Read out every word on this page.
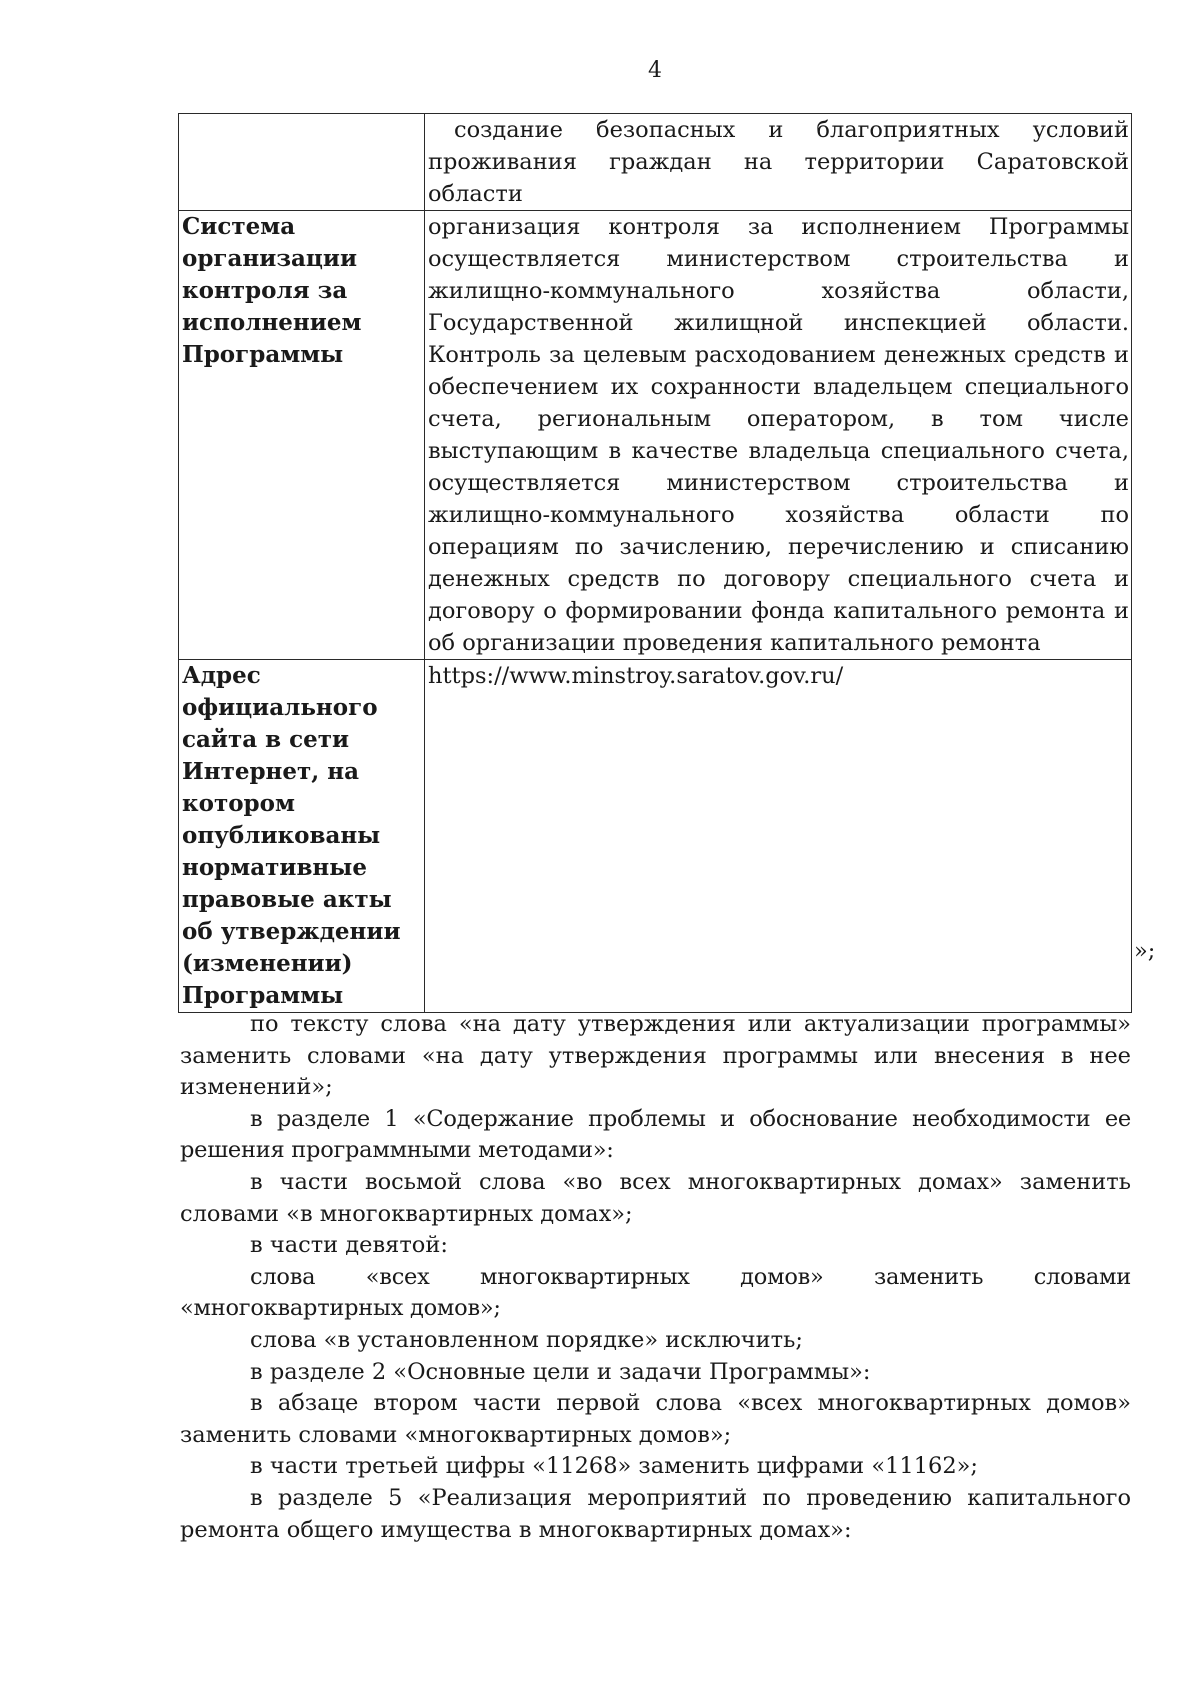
4
	создание безопасных и благоприятных условий проживания граждан на территории Саратовской области
Система организации контроля за исполнением Программы	организация контроля за исполнением Программы осуществляется министерством строительства и жилищно-коммунального хозяйства области, Государственной жилищной инспекцией области. Контроль за целевым расходованием денежных средств и обеспечением их сохранности владельцем специального счета, региональным оператором, в том числе выступающим в качестве владельца специального счета, осуществляется министерством строительства и жилищно-коммунального хозяйства области по операциям по зачислению, перечислению и списанию денежных средств по договору специального счета и договору о формировании фонда капитального ремонта и об организации проведения капитального ремонта
Адрес официального сайта в сети Интернет, на котором опубликованы нормативные правовые акты об утверждении (изменении) Программы	https://www.minstroy.saratov.gov.ru/
»;

по тексту слова «на дату утверждения или актуализации программы» заменить словами «на дату утверждения программы или внесения в нее изменений»;

в разделе 1 «Содержание проблемы и обоснование необходимости ее решения программными методами»:

в части восьмой слова «во всех многоквартирных домах» заменить словами «в многоквартирных домах»;

в части девятой:

слова «всех многоквартирных домов» заменить словами «многоквартирных домов»;

слова «в установленном порядке» исключить;

в разделе 2 «Основные цели и задачи Программы»:

в абзаце втором части первой слова «всех многоквартирных домов» заменить словами «многоквартирных домов»;

в части третьей цифры «11268» заменить цифрами «11162»;

в разделе 5 «Реализация мероприятий по проведению капитального ремонта общего имущества в многоквартирных домах»:
